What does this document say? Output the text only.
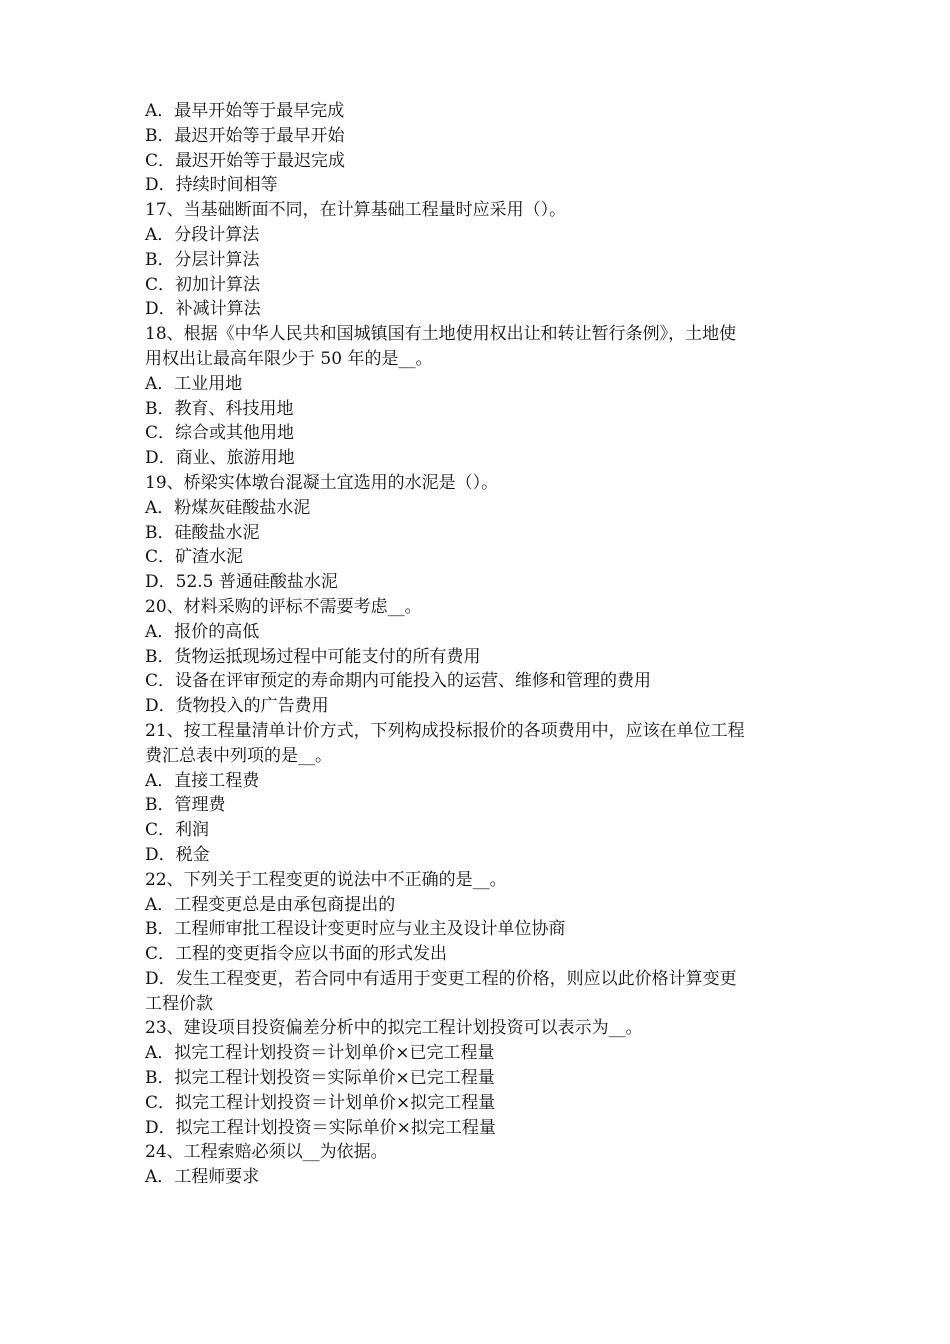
A．最早开始等于最早完成
B．最迟开始等于最早开始
C．最迟开始等于最迟完成
D．持续时间相等
17、当基础断面不同，在计算基础工程量时应采用（）。
A．分段计算法
B．分层计算法
C．初加计算法
D．补减计算法
18、根据《中华人民共和国城镇国有土地使用权出让和转让暂行条例》，土地使
用权出让最高年限少于 50 年的是__。
A．工业用地
B．教育、科技用地
C．综合或其他用地
D．商业、旅游用地
19、桥梁实体墩台混凝土宜选用的水泥是（）。
A．粉煤灰硅酸盐水泥
B．硅酸盐水泥
C．矿渣水泥
D．52.5 普通硅酸盐水泥
20、材料采购的评标不需要考虑__。
A．报价的高低
B．货物运抵现场过程中可能支付的所有费用
C．设备在评审预定的寿命期内可能投入的运营、维修和管理的费用
D．货物投入的广告费用
21、按工程量清单计价方式，下列构成投标报价的各项费用中，应该在单位工程
费汇总表中列项的是__。
A．直接工程费
B．管理费
C．利润
D．税金
22、下列关于工程变更的说法中不正确的是__。
A．工程变更总是由承包商提出的
B．工程师审批工程设计变更时应与业主及设计单位协商
C．工程的变更指令应以书面的形式发出
D．发生工程变更，若合同中有适用于变更工程的价格，则应以此价格计算变更
工程价款
23、建设项目投资偏差分析中的拟完工程计划投资可以表示为__。
A．拟完工程计划投资＝计划单价×已完工程量
B．拟完工程计划投资＝实际单价×已完工程量
C．拟完工程计划投资＝计划单价×拟完工程量
D．拟完工程计划投资＝实际单价×拟完工程量
24、工程索赔必须以__为依据。
A．工程师要求
